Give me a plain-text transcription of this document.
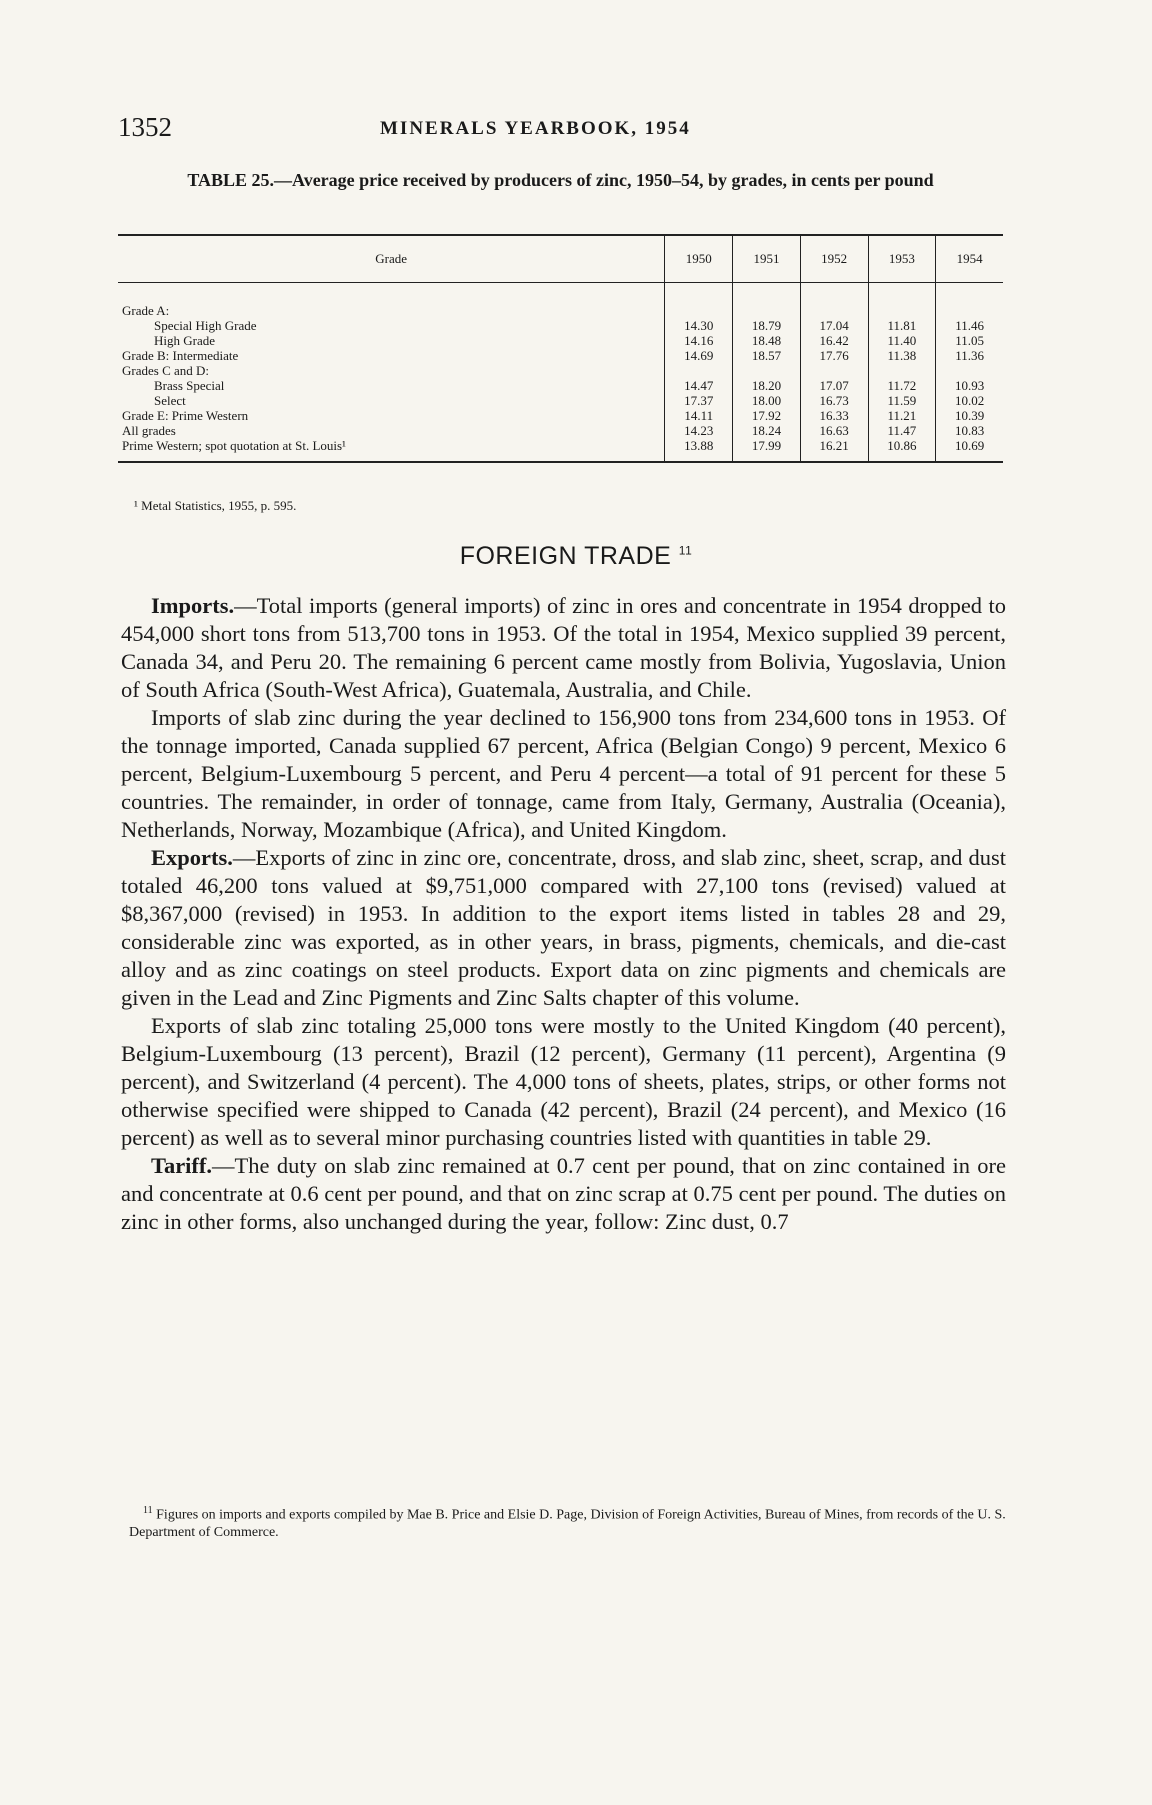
1352	MINERALS YEARBOOK, 1954
TABLE 25.—Average price received by producers of zinc, 1950–54, by grades, in cents per pound
Grade	1950	1951	1952	1953	1954
Grade A:					
Special High Grade	14.30	18.79	17.04	11.81	11.46
High Grade	14.16	18.48	16.42	11.40	11.05
Grade B: Intermediate	14.69	18.57	17.76	11.38	11.36
Grades C and D:					
Brass Special	14.47	18.20	17.07	11.72	10.93
Select	17.37	18.00	16.73	11.59	10.02
Grade E: Prime Western	14.11	17.92	16.33	11.21	10.39
All grades	14.23	18.24	16.63	11.47	10.83
Prime Western; spot quotation at St. Louis¹	13.88	17.99	16.21	10.86	10.69
¹ Metal Statistics, 1955, p. 595.
FOREIGN TRADE $^{11}$

Imports.—Total imports (general imports) of zinc in ores and concentrate in 1954 dropped to 454,000 short tons from 513,700 tons in 1953. Of the total in 1954, Mexico supplied 39 percent, Canada 34, and Peru 20. The remaining 6 percent came mostly from Bolivia, Yugoslavia, Union of South Africa (South-West Africa), Guatemala, Australia, and Chile.

Imports of slab zinc during the year declined to 156,900 tons from 234,600 tons in 1953. Of the tonnage imported, Canada supplied 67 percent, Africa (Belgian Congo) 9 percent, Mexico 6 percent, Belgium-Luxembourg 5 percent, and Peru 4 percent—a total of 91 percent for these 5 countries. The remainder, in order of tonnage, came from Italy, Germany, Australia (Oceania), Netherlands, Norway, Mozambique (Africa), and United Kingdom.

Exports.—Exports of zinc in zinc ore, concentrate, dross, and slab zinc, sheet, scrap, and dust totaled 46,200 tons valued at $9,751,000 compared with 27,100 tons (revised) valued at $8,367,000 (revised) in 1953. In addition to the export items listed in tables 28 and 29, considerable zinc was exported, as in other years, in brass, pigments, chemicals, and die-cast alloy and as zinc coatings on steel products. Export data on zinc pigments and chemicals are given in the Lead and Zinc Pigments and Zinc Salts chapter of this volume.

Exports of slab zinc totaling 25,000 tons were mostly to the United Kingdom (40 percent), Belgium-Luxembourg (13 percent), Brazil (12 percent), Germany (11 percent), Argentina (9 percent), and Switzerland (4 percent). The 4,000 tons of sheets, plates, strips, or other forms not otherwise specified were shipped to Canada (42 percent), Brazil (24 percent), and Mexico (16 percent) as well as to several minor purchasing countries listed with quantities in table 29.

Tariff.—The duty on slab zinc remained at 0.7 cent per pound, that on zinc contained in ore and concentrate at 0.6 cent per pound, and that on zinc scrap at 0.75 cent per pound. The duties on zinc in other forms, also unchanged during the year, follow: Zinc dust, 0.7

$^{11}$ Figures on imports and exports compiled by Mae B. Price and Elsie D. Page, Division of Foreign Activities, Bureau of Mines, from records of the U. S. Department of Commerce.
